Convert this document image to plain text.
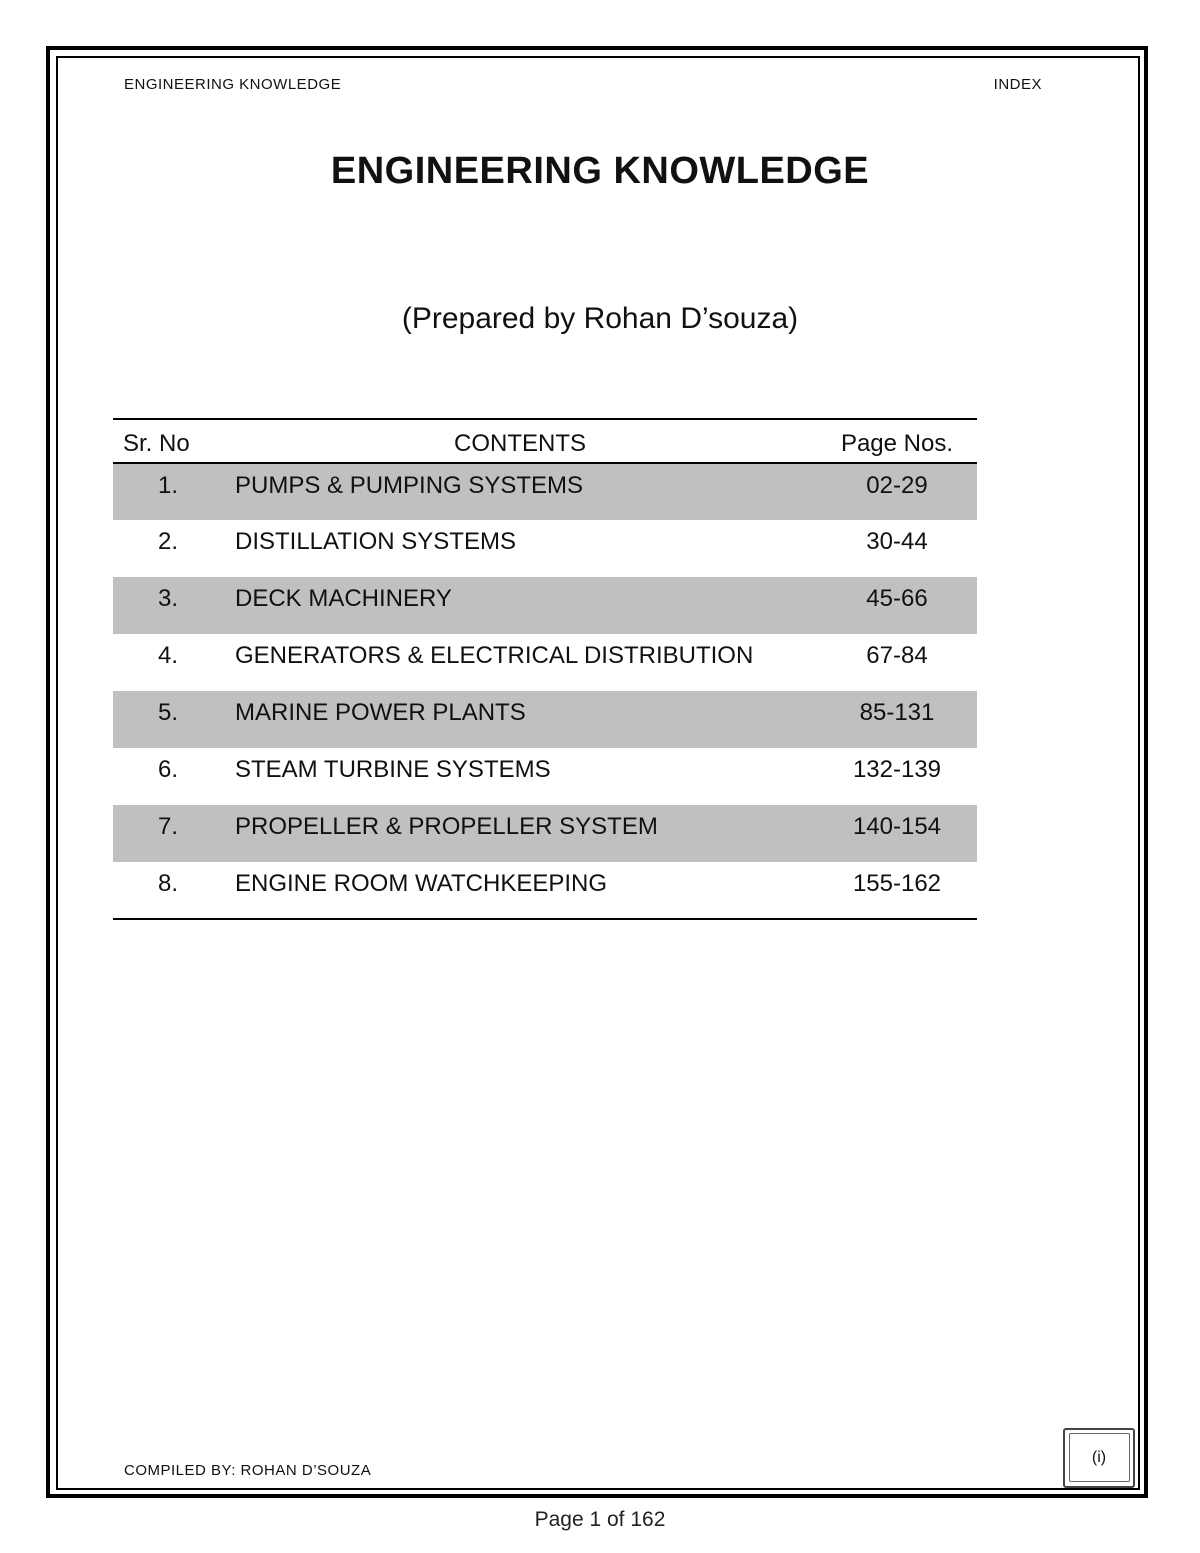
ENGINEERING KNOWLEDGE	INDEX
ENGINEERING KNOWLEDGE
(Prepared by Rohan D’souza)
Sr. No	CONTENTS	Page Nos.
1.	PUMPS & PUMPING SYSTEMS	02-29
2.	DISTILLATION SYSTEMS	30-44
3.	DECK MACHINERY	45-66
4.	GENERATORS & ELECTRICAL DISTRIBUTION	67-84
5.	MARINE POWER PLANTS	85-131
6.	STEAM TURBINE SYSTEMS	132-139
7.	PROPELLER & PROPELLER SYSTEM	140-154
8.	ENGINE ROOM WATCHKEEPING	155-162
COMPILED BY: ROHAN D’SOUZA
(i)
Page 1 of 162
